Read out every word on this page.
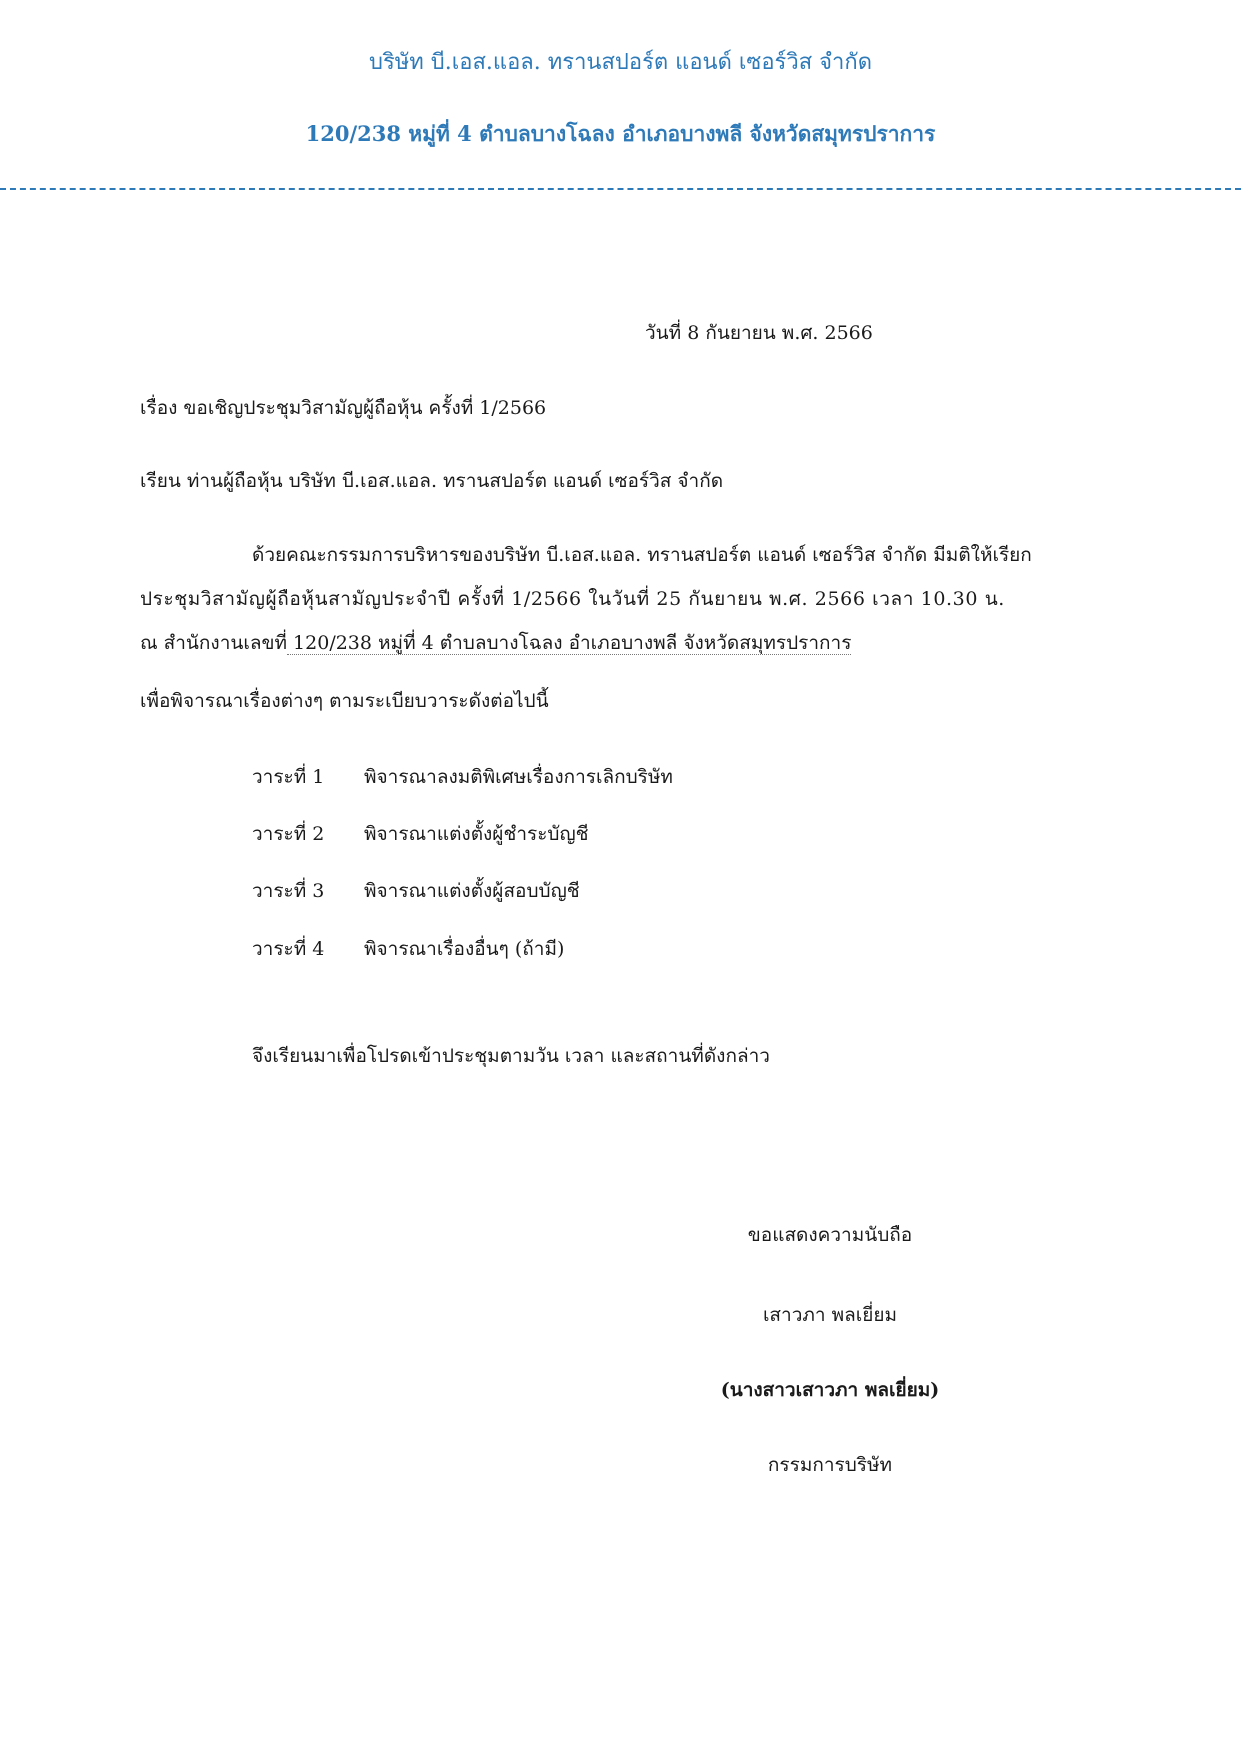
บริษัท บี.เอส.แอล. ทรานสปอร์ต แอนด์ เซอร์วิส จำกัด
120/238 หมู่ที่ 4 ตำบลบางโฉลง อำเภอบางพลี จังหวัดสมุทรปราการ
วันที่ 8 กันยายน พ.ศ. 2566
เรื่อง ขอเชิญประชุมวิสามัญผู้ถือหุ้น ครั้งที่ 1/2566
เรียน ท่านผู้ถือหุ้น บริษัท บี.เอส.แอล. ทรานสปอร์ต แอนด์ เซอร์วิส จำกัด
ด้วยคณะกรรมการบริหารของบริษัท บี.เอส.แอล. ทรานสปอร์ต แอนด์ เซอร์วิส จำกัด มีมติให้เรียก
ประชุมวิสามัญผู้ถือหุ้นสามัญประจำปี ครั้งที่ 1/2566 ในวันที่ 25 กันยายน พ.ศ. 2566 เวลา 10.30 น.
ณ สำนักงานเลขที่ 120/238 หมู่ที่ 4 ตำบลบางโฉลง อำเภอบางพลี จังหวัดสมุทรปราการ
เพื่อพิจารณาเรื่องต่างๆ ตามระเบียบวาระดังต่อไปนี้
วาระที่ 1 พิจารณาลงมติพิเศษเรื่องการเลิกบริษัท
วาระที่ 2 พิจารณาแต่งตั้งผู้ชำระบัญชี
วาระที่ 3 พิจารณาแต่งตั้งผู้สอบบัญชี
วาระที่ 4 พิจารณาเรื่องอื่นๆ (ถ้ามี)
จึงเรียนมาเพื่อโปรดเข้าประชุมตามวัน เวลา และสถานที่ดังกล่าว
ขอแสดงความนับถือ
เสาวภา พลเยี่ยม
(นางสาวเสาวภา พลเยี่ยม)
กรรมการบริษัท
